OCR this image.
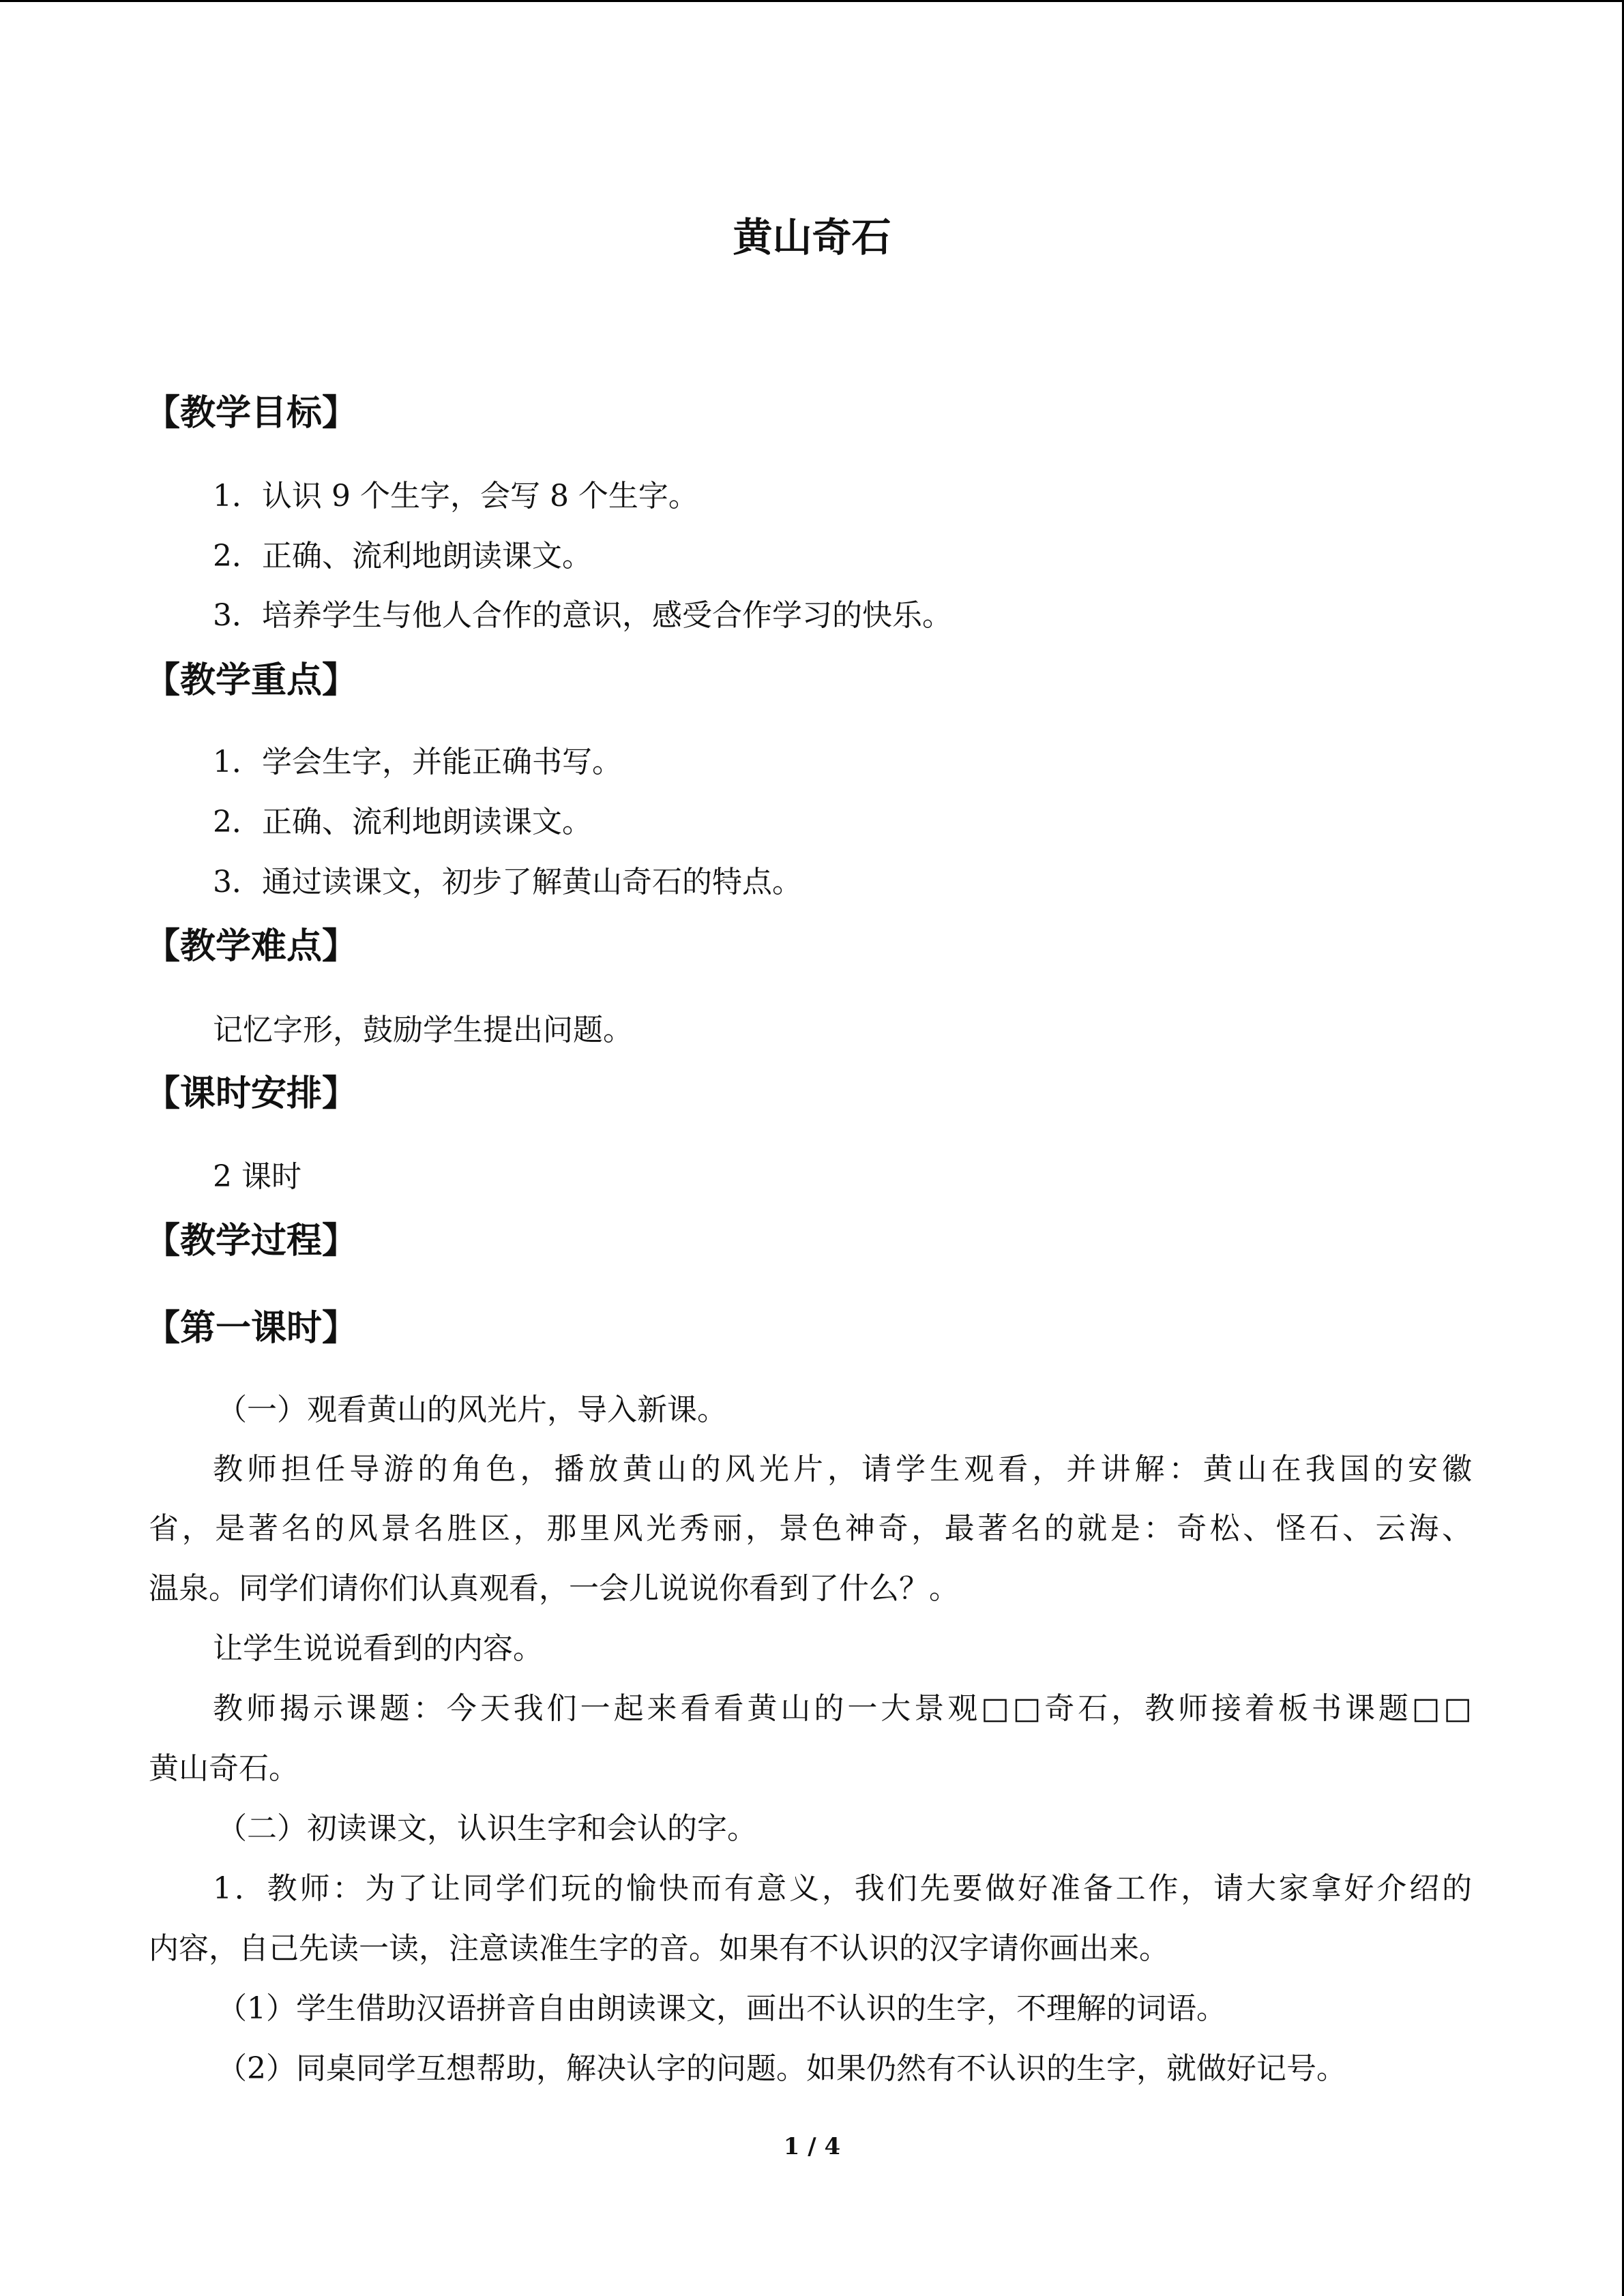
黄山奇石
【教学目标】
1．认识 9 个生字，会写 8 个生字。
2．正确、流利地朗读课文。
3．培养学生与他人合作的意识，感受合作学习的快乐。
【教学重点】
1．学会生字，并能正确书写。
2．正确、流利地朗读课文。
3．通过读课文，初步了解黄山奇石的特点。
【教学难点】
记忆字形，鼓励学生提出问题。
【课时安排】
2 课时
【教学过程】
【第一课时】
（一）观看黄山的风光片，导入新课。
教师担任导游的角色，播放黄山的风光片，请学生观看，并讲解：黄山在我国的安徽
省，是著名的风景名胜区，那里风光秀丽，景色神奇，最著名的就是：奇松、怪石、云海、
温泉。同学们请你们认真观看，一会儿说说你看到了什么？。
让学生说说看到的内容。
教师揭示课题：今天我们一起来看看黄山的一大景观□□奇石，教师接着板书课题□□
黄山奇石。
（二）初读课文，认识生字和会认的字。
1．教师：为了让同学们玩的愉快而有意义，我们先要做好准备工作，请大家拿好介绍的
内容，自己先读一读，注意读准生字的音。如果有不认识的汉字请你画出来。
（1）学生借助汉语拼音自由朗读课文，画出不认识的生字，不理解的词语。
（2）同桌同学互想帮助，解决认字的问题。如果仍然有不认识的生字，就做好记号。
1 / 4
